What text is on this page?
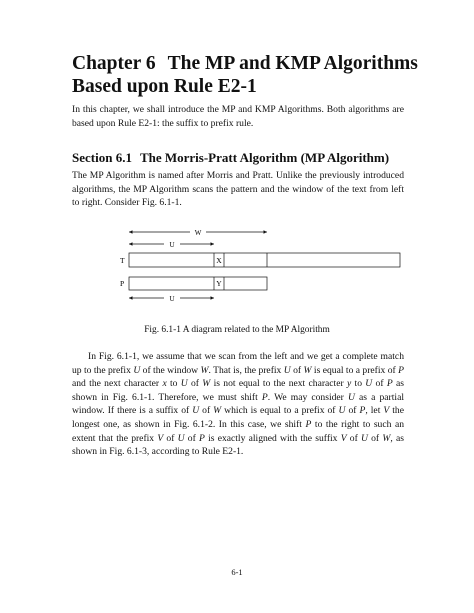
Chapter 6 The MP and KMP Algorithms
Based upon Rule E2-1
In this chapter, we shall introduce the MP and KMP Algorithms. Both algorithms are based upon Rule E2-1: the suffix to prefix rule.
Section 6.1 The Morris-Pratt Algorithm (MP Algorithm)
The MP Algorithm is named after Morris and Pratt. Unlike the previously introduced algorithms, the MP Algorithm scans the pattern and the window of the text from left to right. Consider Fig. 6.1-1.
W
U
T	X
P	Y
U
Fig. 6.1-1 A diagram related to the MP Algorithm
In Fig. 6.1-1, we assume that we scan from the left and we get a complete match up to the prefix U of the window W. That is, the prefix U of W is equal to a prefix of P and the next character x to U of W is not equal to the next character y to U of P as shown in Fig. 6.1-1. Therefore, we must shift P. We may consider U as a partial window. If there is a suffix of U of W which is equal to a prefix of U of P, let V the longest one, as shown in Fig. 6.1-2. In this case, we shift P to the right to such an extent that the prefix V of U of P is exactly aligned with the suffix V of U of W, as shown in Fig. 6.1-3, according to Rule E2-1.
6-1
